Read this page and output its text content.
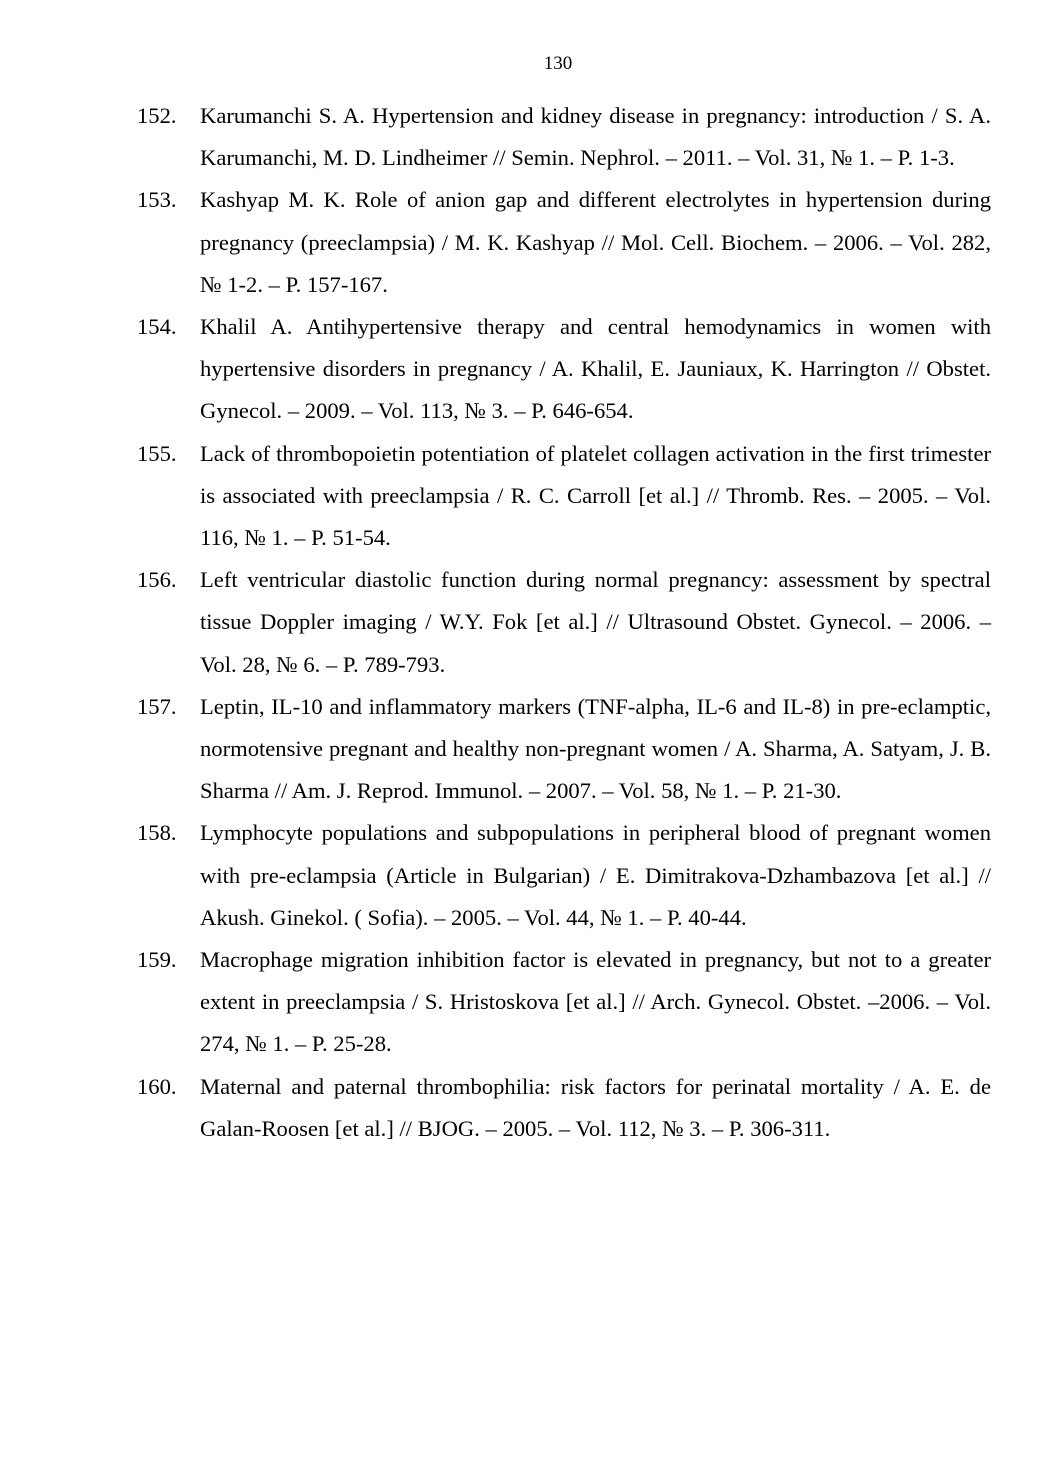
130
152.	Karumanchi S. A. Hypertension and kidney disease in pregnancy: introduction / S. A. Karumanchi, M. D. Lindheimer // Semin. Nephrol. – 2011. – Vol. 31, № 1. – P. 1-3.
153.	Kashyap M. K. Role of anion gap and different electrolytes in hypertension during pregnancy (preeclampsia) / M. K. Kashyap // Mol. Cell. Biochem. – 2006. – Vol. 282, № 1-2. – P. 157-167.
154.	Khalil A. Antihypertensive therapy and central hemodynamics in women with hypertensive disorders in pregnancy / A. Khalil, E. Jauniaux, K. Harrington // Obstet. Gynecol. – 2009. – Vol. 113, № 3. – P. 646-654.
155.	Lack of thrombopoietin potentiation of platelet collagen activation in the first trimester is associated with preeclampsia / R. C. Carroll [et al.] // Thromb. Res. – 2005. – Vol. 116, № 1. – P. 51-54.
156.	Left ventricular diastolic function during normal pregnancy: assessment by spectral tissue Doppler imaging / W.Y. Fok [et al.] // Ultrasound Obstet. Gynecol. – 2006. – Vol. 28, № 6. – P. 789-793.
157.	Leptin, IL-10 and inflammatory markers (TNF-alpha, IL-6 and IL-8) in pre-eclamptic, normotensive pregnant and healthy non-pregnant women / A. Sharma, A. Satyam, J. B. Sharma // Am. J. Reprod. Immunol. – 2007. – Vol. 58, № 1. – P. 21-30.
158.	Lymphocyte populations and subpopulations in peripheral blood of pregnant women with pre-eclampsia (Article in Bulgarian) / E. Dimitrakova-Dzhambazova [et al.] // Akush. Ginekol. ( Sofia). – 2005. – Vol. 44, № 1. – P. 40-44.
159.	Macrophage migration inhibition factor is elevated in pregnancy, but not to a greater extent in preeclampsia / S. Hristoskova [et al.] // Arch. Gynecol. Obstet. –2006. – Vol. 274, № 1. – P. 25-28.
160.	Maternal and paternal thrombophilia: risk factors for perinatal mortality / A. E. de Galan-Roosen [et al.] // BJOG. – 2005. – Vol. 112, № 3. – P. 306-311.
